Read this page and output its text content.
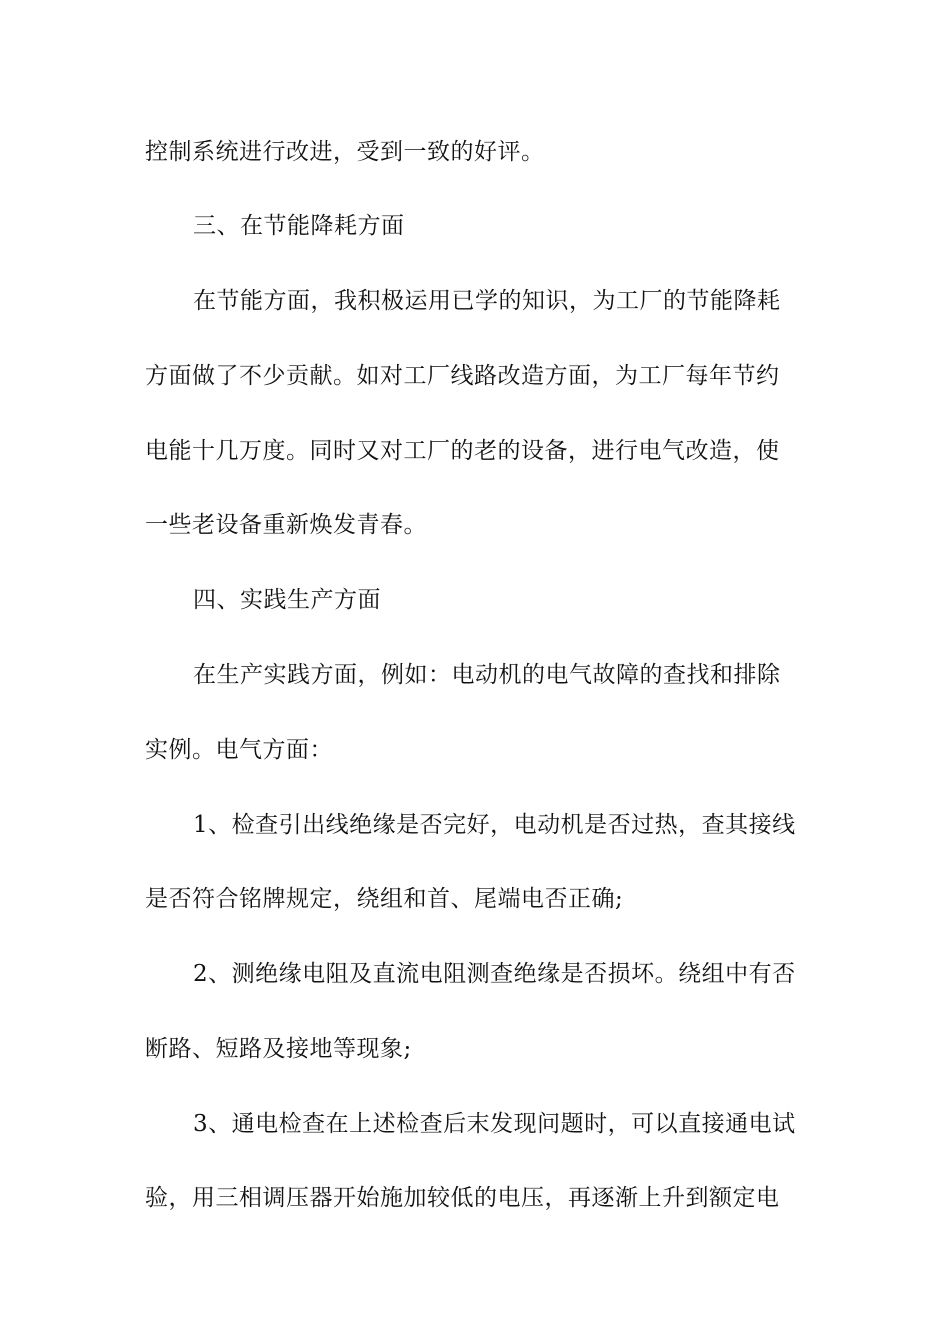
控制系统进行改进，受到一致的好评。
三、在节能降耗方面
在节能方面，我积极运用已学的知识，为工厂的节能降耗
方面做了不少贡献。如对工厂线路改造方面，为工厂每年节约
电能十几万度。同时又对工厂的老的设备，进行电气改造，使
一些老设备重新焕发青春。
四、实践生产方面
在生产实践方面，例如：电动机的电气故障的查找和排除
实例。电气方面：
1、检查引出线绝缘是否完好，电动机是否过热，查其接线
是否符合铭牌规定，绕组和首、尾端电否正确;
2、测绝缘电阻及直流电阻测查绝缘是否损坏。绕组中有否
断路、短路及接地等现象;
3、通电检查在上述检查后末发现问题时，可以直接通电试
验，用三相调压器开始施加较低的电压，再逐渐上升到额定电
